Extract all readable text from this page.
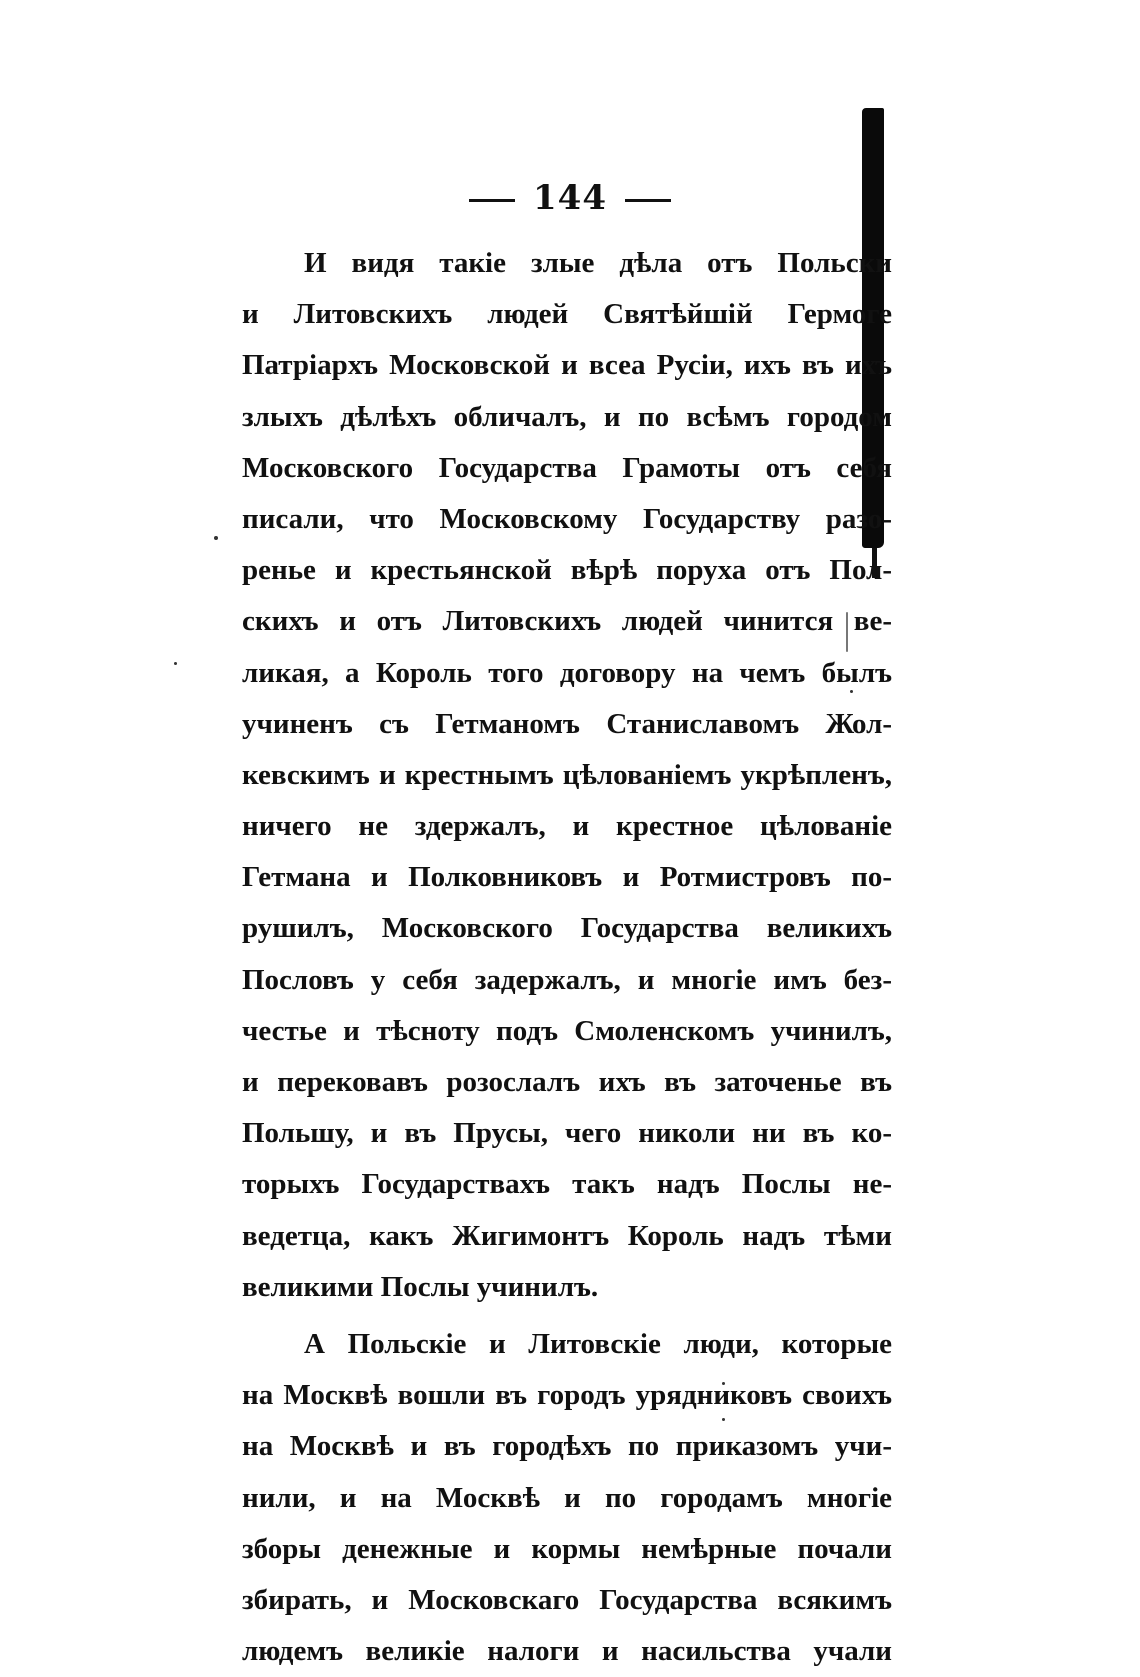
144
И видя такіе злые дѣла отъ Польски
и Литовскихъ людей Святѣйшій Гермоге
Патріархъ Московской и всеа Русіи, ихъ въ ихъ
злыхъ дѣлѣхъ обличалъ, и по всѣмъ городом
Московского Государства Грамоты отъ себя
писали, что Московскому Государству разо-
ренье и крестьянской вѣрѣ поруха отъ Пол-
скихъ и отъ Литовскихъ людей чинится ве-
ликая, а Король того договору на чемъ былъ
учиненъ съ Гетманомъ Станиславомъ Жол-
кевскимъ и креcтнымъ цѣлованіемъ укрѣпленъ,
ничего не здержалъ, и крестное цѣлованіе
Гетмана и Полковниковъ и Ротмистровъ по-
рушилъ, Московского Государства великихъ
Пословъ у себя задержалъ, и многіе имъ без-
честье и тѣсноту подъ Смоленскомъ учинилъ,
и перековавъ розослалъ ихъ въ заточенье въ
Польшу, и въ Прусы, чего николи ни въ ко-
торыхъ Государствахъ такъ надъ Послы не-
ведетца, какъ Жигимонтъ Король надъ тѣми
великими Послы учинилъ.
А Польскіе и Литовскіе люди, которые
на Москвѣ вошли въ городъ урядниковъ своихъ
на Москвѣ и въ городѣхъ по приказомъ учи-
нили, и на Москвѣ и по городамъ многіе
зборы денежные и кормы немѣрные почали
збирать, и Московскаго Государства всякимъ
людемъ великіе налоги и насильства учали
